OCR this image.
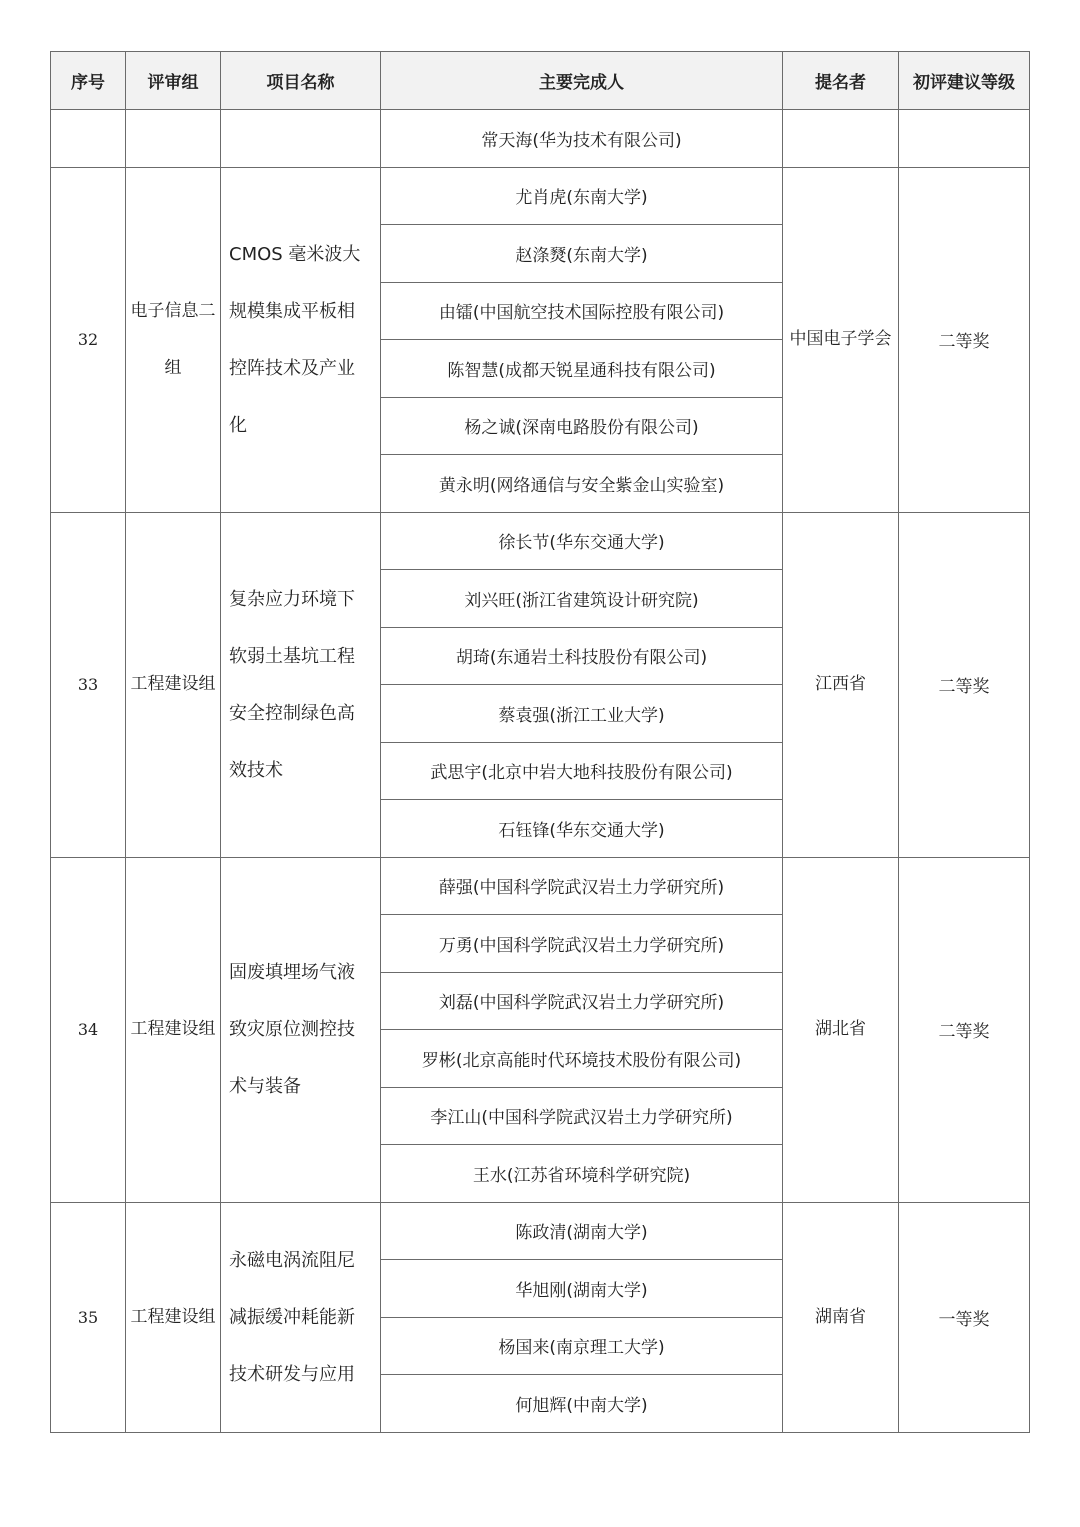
序号	评审组	项目名称	主要完成人	提名者	初评建议等级
			常天海(华为技术有限公司)		
32	电子信息二组	CMOS 毫米波大规模集成平板相控阵技术及产业化	尤肖虎(东南大学)	中国电子学会	二等奖
			赵涤燹(东南大学)		
			由镭(中国航空技术国际控股有限公司)		
			陈智慧(成都天锐星通科技有限公司)		
			杨之诚(深南电路股份有限公司)		
			黄永明(网络通信与安全紫金山实验室)		
33	工程建设组	复杂应力环境下软弱土基坑工程安全控制绿色高效技术	徐长节(华东交通大学)	江西省	二等奖
			刘兴旺(浙江省建筑设计研究院)		
			胡琦(东通岩土科技股份有限公司)		
			蔡袁强(浙江工业大学)		
			武思宇(北京中岩大地科技股份有限公司)		
			石钰锋(华东交通大学)		
34	工程建设组	固废填埋场气液致灾原位测控技术与装备	薛强(中国科学院武汉岩土力学研究所)	湖北省	二等奖
			万勇(中国科学院武汉岩土力学研究所)		
			刘磊(中国科学院武汉岩土力学研究所)		
			罗彬(北京高能时代环境技术股份有限公司)		
			李江山(中国科学院武汉岩土力学研究所)		
			王水(江苏省环境科学研究院)		
35	工程建设组	永磁电涡流阻尼减振缓冲耗能新技术研发与应用	陈政清(湖南大学)	湖南省	一等奖
			华旭刚(湖南大学)		
			杨国来(南京理工大学)		
			何旭辉(中南大学)		
